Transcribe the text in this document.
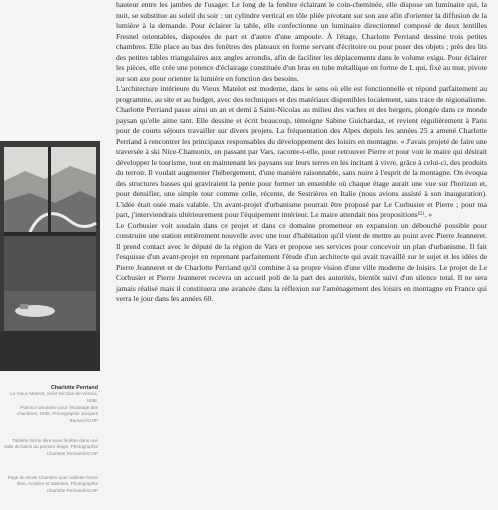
hauteur entre les jambes de l'usager. Le long de la fenêtre éclairant le coin-cheminée, elle dispose un luminaire qui, la nuit, se substitue au soleil du soir : un cylindre vertical en tôle pliée pivotant sur son axe afin d'orienter la diffusion de la lumière à la demande. Pour éclairer la table, elle confectionne un luminaire directionnel composé de deux lentilles Fresnel orientables, disposées de part et d'autre d'une ampoule. À l'étage, Charlotte Perriand dessine trois petites chambres. Elle place au bas des fenêtres des plateaux en forme servant d'écritoire ou pour poser des objets ; près des lits des petites tables triangulaires aux angles arrondis, afin de faciliter les déplacements dans le volume exigu. Pour éclairer les pièces, elle crée une potence d'éclairage constituée d'un bras en tube métallique en forme de L qui, fixé au mur, pivote sur son axe pour orienter la lumière en fonction des besoins.

L'architecture intérieure du Vieux Matelot est moderne, dans le sens où elle est fonctionnelle et répond parfaitement au programme, au site et au budget, avec des techniques et des matériaux disponibles localement, sans trace de régionalisme.

Charlotte Perriand passe ainsi un an et demi à Saint-Nicolas au milieu des vaches et des bergers, plongée dans ce monde paysan qu'elle aime tant. Elle dessine et écrit beaucoup, témoigne Sabine Guichardaz, et revient régulièrement à Paris pour de courts séjours travailler sur divers projets. La fréquentation des Alpes depuis les années 25 a amené Charlotte Perriand à rencontrer les principaux responsables du développement des loisirs en montagne. « J'avais projeté de faire une traversée à ski Nice-Chamonix, en passant par Vars, raconte-t-elle, pour retrouver Pierre et pour voir le maire qui désirait développer le tourisme, tout en maintenant les paysans sur leurs terres en les incitant à vivre, grâce à celui-ci, des produits du terroir. Il voulait augmenter l'hébergement, d'une manière raisonnable, sans nuire à l'esprit de la montagne. On évoqua des structures basses qui graviraient la pente pour former un ensemble où chaque étage aurait une vue sur l'horizon et, pour densifier, une simple tour comme celle, récente, de Sestrières en Italie (nous avions assisté à son inauguration). L'idée était osée mais valable. Un avant-projet d'urbanisme pourrait être proposé par Le Corbusier et Pierre ; pour ma part, j'interviendrais ultérieurement pour l'équipement intérieur. Le maire attendait nos propositions¹⁵⁾. »

Le Corbusier voit soudain dans ce projet et dans ce domaine prometteur en expansion un débouché possible pour construire une station entièrement nouvelle avec une tour d'habitation qu'il vient de mettre au point avec Pierre Jeanneret. Il prend contact avec le député de la région de Vars et propose ses services pour concevoir un plan d'urbanisme. Il fait l'esquisse d'un avant-projet en reprenant parfaitement l'étude d'un architecte qui avait travaillé sur le sujet et les idées de Pierre Jeanneret et de Charlotte Perriand qu'il combine à sa propre vision d'une ville moderne de loisirs. Le projet de Le Corbusier et Pierre Jeanneret recevra un accueil poli de la part des autorités, bientôt suivi d'un silence total. Il ne sera jamais réalisé mais il constituera une avancée dans la réflexion sur l'aménagement des loisirs en montagne en France qui verra le jour dans les années 60.

Charlotte Perriand
Le Vieux Matelot, Saint-Nicolas-de-Véroce, 1938.
Potence pivotante pour l'éclairage des chambres, 1938. Photographie Jacques Barsac/ACHP
Tablette forme libre sous fenêtre dans une salle de bains au premier étage. Photographie Charlotte Perriand/ACHP
Page de droite Chambre avec tablette forme libre, mobilier et tablettes. Photographie Charlotte Perriand/ACHP
